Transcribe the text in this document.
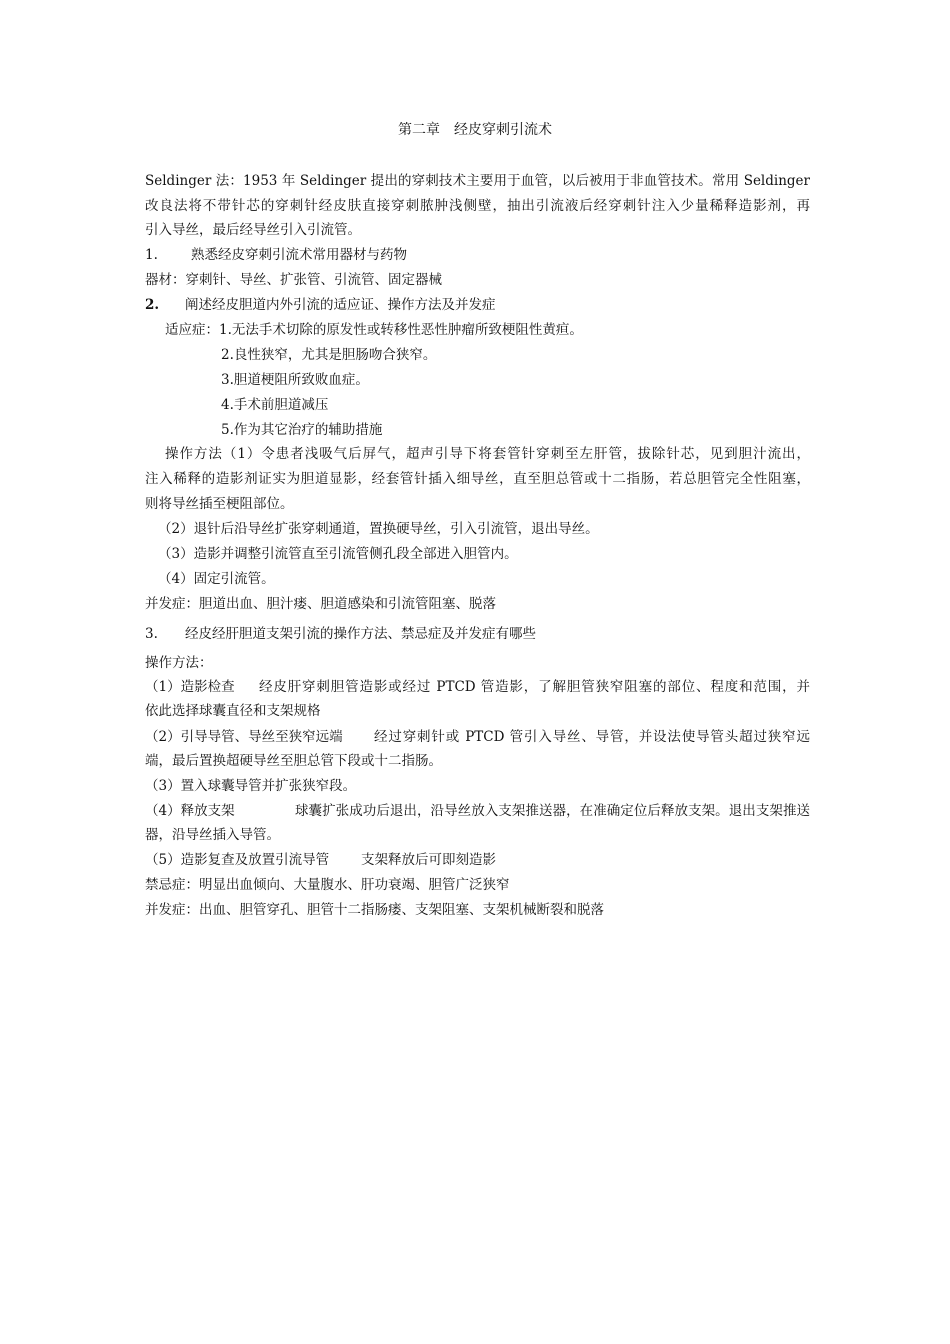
第二章　经皮穿刺引流术
Seldinger 法：1953 年 Seldinger 提出的穿刺技术主要用于血管，以后被用于非血管技术。常用 Seldinger
改良法将不带针芯的穿刺针经皮肤直接穿刺脓肿浅侧壁，抽出引流液后经穿刺针注入少量稀释造影剂，再
引入导丝，最后经导丝引入引流管。
1. 熟悉经皮穿刺引流术常用器材与药物
器材：穿刺针、导丝、扩张管、引流管、固定器械
2. 阐述经皮胆道内外引流的适应证、操作方法及并发症
适应症：1.无法手术切除的原发性或转移性恶性肿瘤所致梗阻性黄疸。
2.良性狭窄，尤其是胆肠吻合狭窄。
3.胆道梗阻所致败血症。
4.手术前胆道减压
5.作为其它治疗的辅助措施
操作方法（1）令患者浅吸气后屏气，超声引导下将套管针穿刺至左肝管，拔除针芯，见到胆汁流出，
注入稀释的造影剂证实为胆道显影，经套管针插入细导丝，直至胆总管或十二指肠，若总胆管完全性阻塞，
则将导丝插至梗阻部位。
（2）退针后沿导丝扩张穿刺通道，置换硬导丝，引入引流管，退出导丝。
（3）造影并调整引流管直至引流管侧孔段全部进入胆管内。
（4）固定引流管。
并发症：胆道出血、胆汁瘘、胆道感染和引流管阻塞、脱落
3. 经皮经肝胆道支架引流的操作方法、禁忌症及并发症有哪些
操作方法：
（1）造影检查 经皮肝穿刺胆管造影或经过 PTCD 管造影，了解胆管狭窄阻塞的部位、程度和范围，并
依此选择球囊直径和支架规格
（2）引导导管、导丝至狭窄远端 经过穿刺针或 PTCD 管引入导丝、导管，并设法使导管头超过狭窄远
端，最后置换超硬导丝至胆总管下段或十二指肠。
（3）置入球囊导管并扩张狭窄段。
（4）释放支架	球囊扩张成功后退出，沿导丝放入支架推送器，在准确定位后释放支架。退出支架推送
器，沿导丝插入导管。
（5）造影复查及放置引流导管 支架释放后可即刻造影
禁忌症：明显出血倾向、大量腹水、肝功衰竭、胆管广泛狭窄
并发症：出血、胆管穿孔、胆管十二指肠瘘、支架阻塞、支架机械断裂和脱落
